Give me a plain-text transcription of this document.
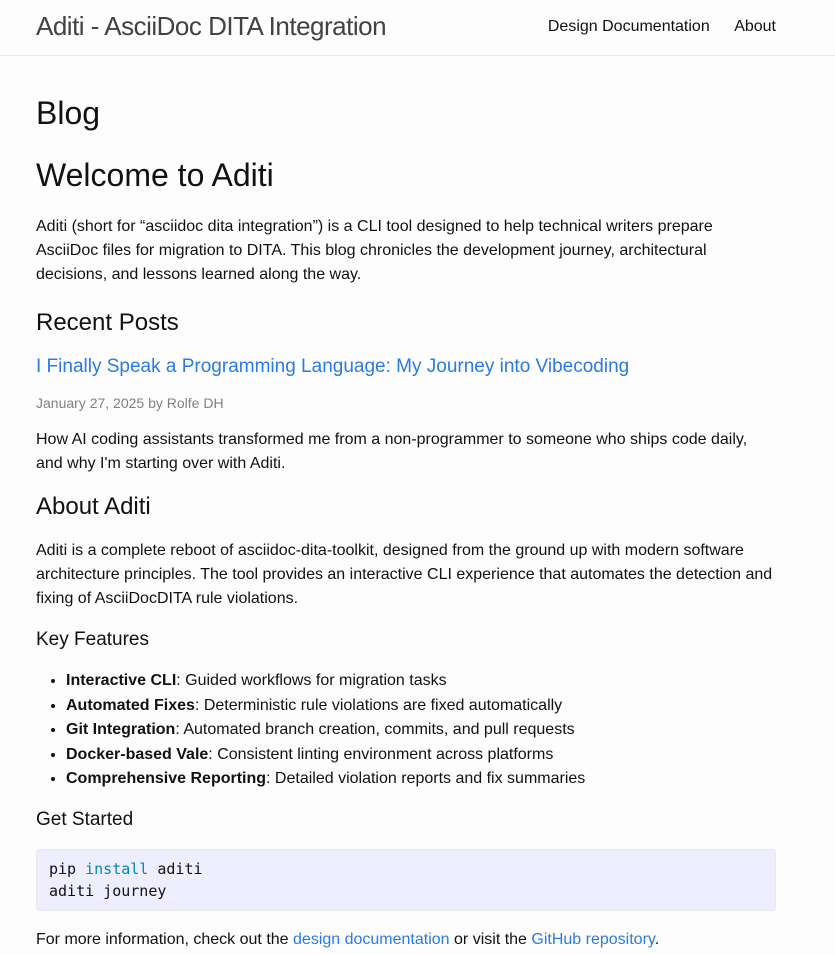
Aditi - AsciiDoc DITA Integration	Design Documentation About
Blog
Welcome to Aditi

Aditi (short for “asciidoc dita integration”) is a CLI tool designed to help technical writers prepare AsciiDoc files for migration to DITA. This blog chronicles the development journey, architectural decisions, and lessons learned along the way.

Recent Posts
I Finally Speak a Programming Language: My Journey into Vibecoding
January 27, 2025 by Rolfe DH

How AI coding assistants transformed me from a non-programmer to someone who ships code daily, and why I'm starting over with Aditi.

About Aditi

Aditi is a complete reboot of asciidoc-dita-toolkit, designed from the ground up with modern software architecture principles. The tool provides an interactive CLI experience that automates the detection and fixing of AsciiDocDITA rule violations.

Key Features
• Interactive CLI: Guided workflows for migration tasks
• Automated Fixes: Deterministic rule violations are fixed automatically
• Git Integration: Automated branch creation, commits, and pull requests
• Docker-based Vale: Consistent linting environment across platforms
• Comprehensive Reporting: Detailed violation reports and fix summaries
Get Started
pip install aditi
aditi journey

For more information, check out the design documentation or visit the GitHub repository.
